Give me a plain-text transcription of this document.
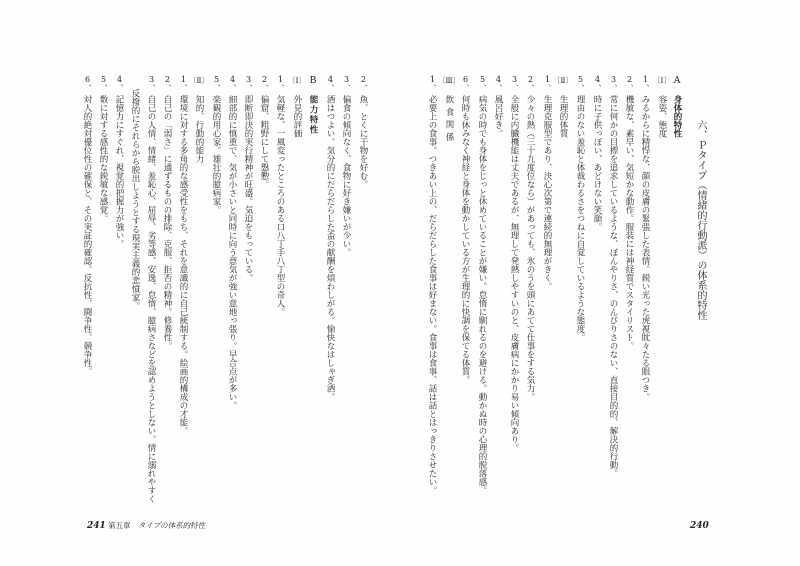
六、Ｐタイプ（情緒的行動派）の体系的特性
A
身体的特性
〔Ⅰ〕
容姿、態度
1、
みるからに精悍な、顔の皮膚の緊張した表情。鋭い光った虎視眈々たる眼つき。
2、
機敏な、素早い、気短かな動作。服装には神経質でスタイリスト。
3、
常に何かの目標を追求しているような、ぼんやりさ、のんびりさのない、直接目的的、解決的行動。
4、
時に子供っぽい、あどけない笑顔。
5、
理由のない羞恥と体裁わるさをつねに自覚しているような態度。
〔Ⅱ〕
生理的体質
1、
生理克服型であり、決心次第で連続的無理がきく。
2、
少々の熱（三十九度位なら）があっても、氷のうを頭にあてて仕事をする気力。
3、
全般に内臓機能は丈夫であるが、無理して発熱しやすいのと、皮膚病にかかり易い傾向あり。
4、
風呂好き。
5、
病気の時でも身体をじっと休めていることが嫌い。怠惰に馴れるのを避ける。動かぬ時の心理的脱落感。
6、
何時も休みなく神経と身体を動かしている方が生理的に快調を保てる体質。
〔Ⅲ〕
飲食関係
1、
必要上の食事。つきあい上の、だらだらした食事は好まない。食事は食事、話は話とはっきりさせたい。
240
2、
魚、とくに干物を好む。
3、
偏食の傾向なく、食物に好き嫌いが少い。
4、
酒はつよい。気分的にだらだらした盃の献酬を煩わしがる。愉快なはしゃぎ酒。
B
能力特性
〔Ⅰ〕
外見的評価
1、
気軽な、一風変ったところのある口八丁手八丁型の奇人。
2、
偏窟、粗野にして慇懃。
3、
即断即決的実行精神が旺盛。気迫をもっている。
4、
細部的に慎重で、気が小さいと同時に向う意気が強い意地っ張り。早合点が多い。
5、
楽観的用心家。雄壮的臆病家。
〔Ⅱ〕
知的、行動的能力
1、
環境に対する多角的な感受性をもち、それを意識的に自己統制する。絵画的構成の才能。
2、
自己の「弱さ」に通ずるものの排除、克服、拒否の精神。修養性。
3、
自己の人情、情緒、羞恥心、屈辱、劣等感、安逸、怠惰、臆病さなどを認めようとしない。情に溺れやすく
反撥的にそれらから脱出しようとする現実主義的悲憤家。
4、
記憶力にすぐれ、視覚的把握力が強い。
5、
数に対する感性的な鋭敏な感覚。
6、
対人的絶対優位性の確保と、その実証的確認。反抗性、闘争性、競争性。
241 第五章 タイプの体系的特性
